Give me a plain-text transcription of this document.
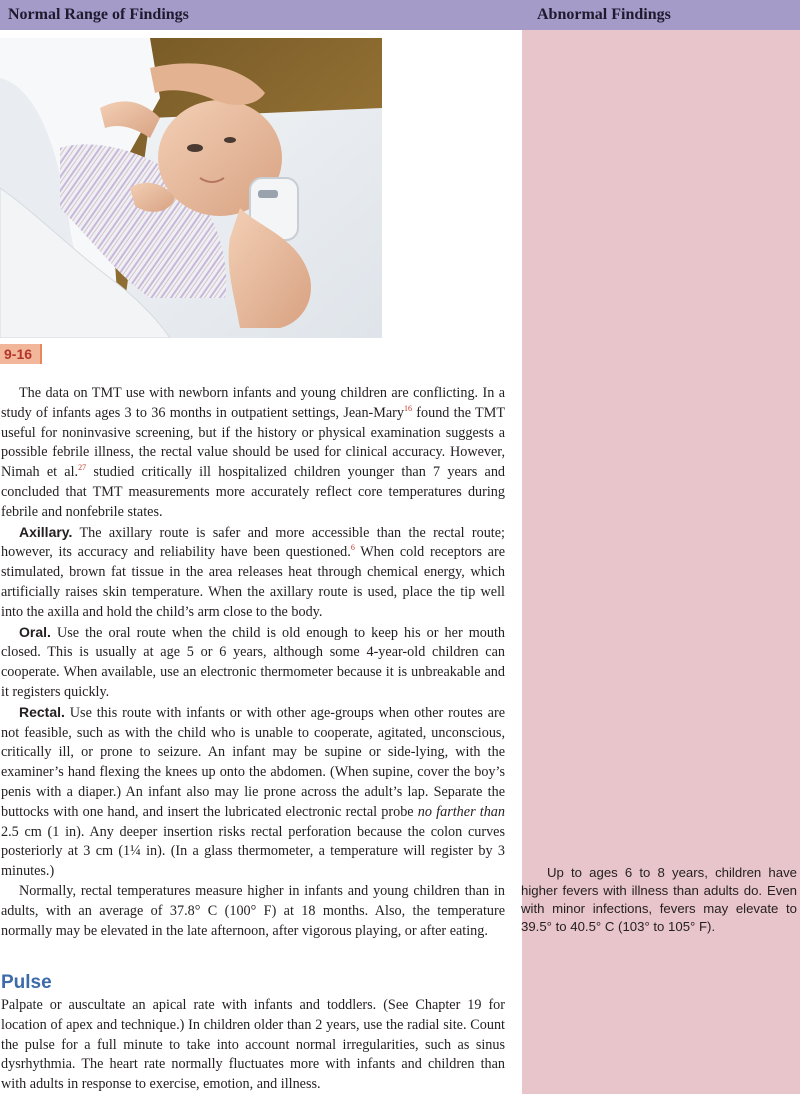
Normal Range of Findings	Abnormal Findings
9-16

The data on TMT use with newborn infants and young children are conflicting. In a study of infants ages 3 to 36 months in outpatient settings, Jean-Mary$^{16}$ found the TMT useful for noninvasive screening, but if the history or physical examination suggests a possible febrile illness, the rectal value should be used for clinical accuracy. However, Nimah et al.$^{27}$ studied critically ill hospitalized children younger than 7 years and concluded that TMT measurements more accurately reflect core temperatures during febrile and nonfebrile states.

Axillary. The axillary route is safer and more accessible than the rectal route; however, its accuracy and reliability have been questioned.$^6$ When cold receptors are stimulated, brown fat tissue in the area releases heat through chemical energy, which artificially raises skin temperature. When the axillary route is used, place the tip well into the axilla and hold the child’s arm close to the body.

Oral. Use the oral route when the child is old enough to keep his or her mouth closed. This is usually at age 5 or 6 years, although some 4-year-old children can cooperate. When available, use an electronic thermometer because it is unbreakable and it registers quickly.

Rectal. Use this route with infants or with other age-groups when other routes are not feasible, such as with the child who is unable to cooperate, agitated, unconscious, critically ill, or prone to seizure. An infant may be supine or side-lying, with the examiner’s hand flexing the knees up onto the abdomen. (When supine, cover the boy’s penis with a diaper.) An infant also may lie prone across the adult’s lap. Separate the buttocks with one hand, and insert the lubricated electronic rectal probe no farther than 2.5 cm (1 in). Any deeper insertion risks rectal perforation because the colon curves posteriorly at 3 cm (1¼ in). (In a glass thermometer, a temperature will register by 3 minutes.)

Normally, rectal temperatures measure higher in infants and young children than in adults, with an average of 37.8° C (100° F) at 18 months. Also, the temperature normally may be elevated in the late afternoon, after vigorous playing, or after eating.

Pulse

Palpate or auscultate an apical rate with infants and toddlers. (See Chapter 19 for location of apex and technique.) In children older than 2 years, use the radial site. Count the pulse for a full minute to take into account normal irregularities, such as sinus dysrhythmia. The heart rate normally fluctuates more with infants and children than with adults in response to exercise, emotion, and illness.

Up to ages 6 to 8 years, children have higher fevers with illness than adults do. Even with minor infections, fevers may elevate to 39.5° to 40.5° C (103° to 105° F).
